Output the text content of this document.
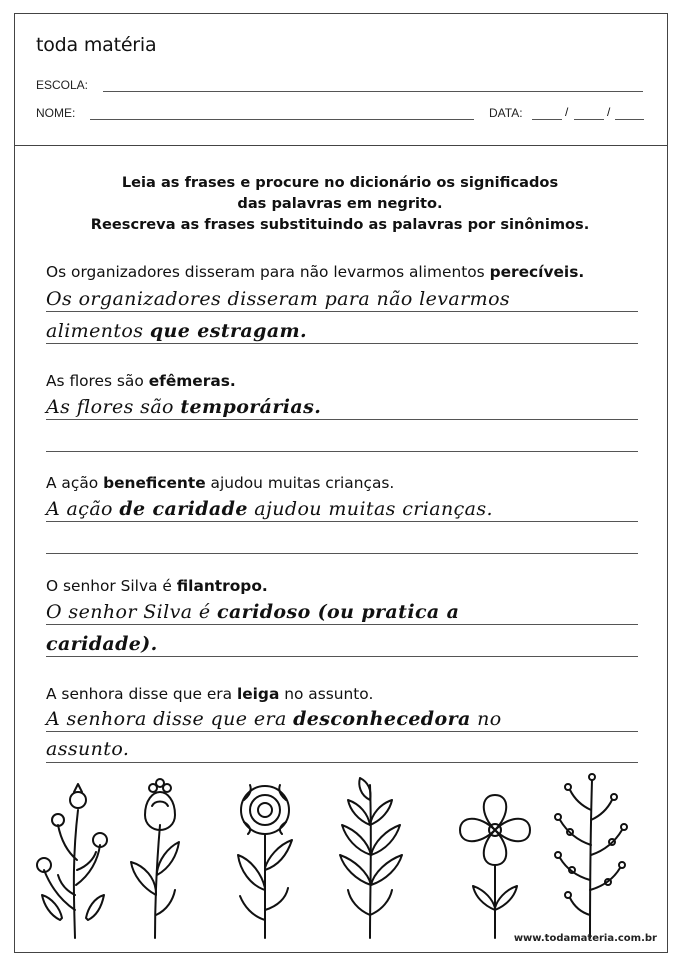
toda matéria
ESCOLA:
NOME:	DATA:	/	/
Leia as frases e procure no dicionário os significados
das palavras em negrito.
Reescreva as frases substituindo as palavras por sinônimos.
Os organizadores disseram para não levarmos alimentos perecíveis.
Os organizadores disseram para não levarmos
alimentos que estragam.
As flores são efêmeras.
As flores são temporárias.
A ação beneficente ajudou muitas crianças.
A ação de caridade ajudou muitas crianças.
O senhor Silva é filantropo.
O senhor Silva é caridoso (ou pratica a
caridade).
A senhora disse que era leiga no assunto.
A senhora disse que era desconhecedora no
assunto.
www.todamateria.com.br
